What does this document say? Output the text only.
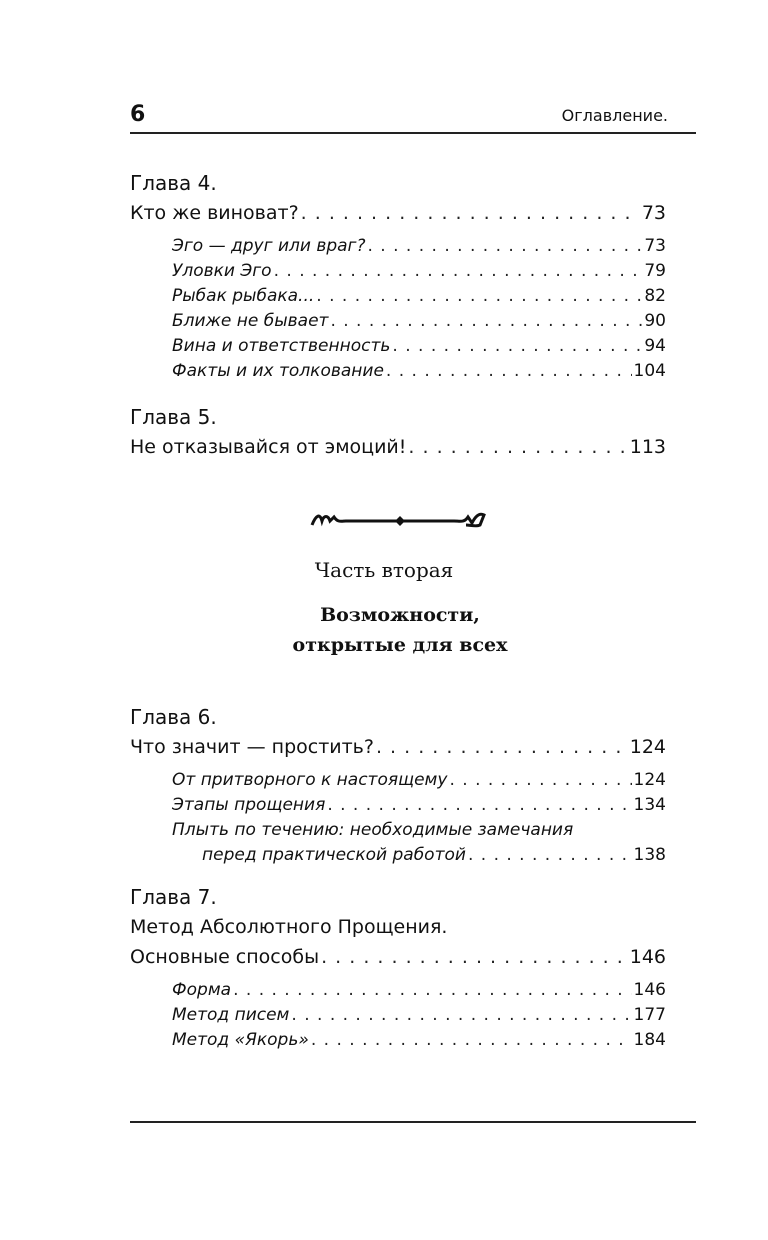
6	Оглавление.
Глава 4.
Кто же виноват? . . .	73
Эго — друг или враг? . . .	73
Уловки Эго . . .	79
Рыбак рыбака... . . .	82
Ближе не бывает . . .	90
Вина и ответственность . . .	94
Факты и их толкование . . .	104
Глава 5.
Не отказывайся от эмоций! . . .	113
Часть вторая
Возможности,
открытые для всех
Глава 6.
Что значит — простить? . . .	124
От притворного к настоящему . . .	124
Этапы прощения . . .	134
Плыть по течению: необходимые замечания
перед практической работой . . .	138
Глава 7.
Метод Абсолютного Прощения.
Основные способы . . .	146
Форма . . .	146
Метод писем . . .	177
Метод «Якорь» . . .	184
